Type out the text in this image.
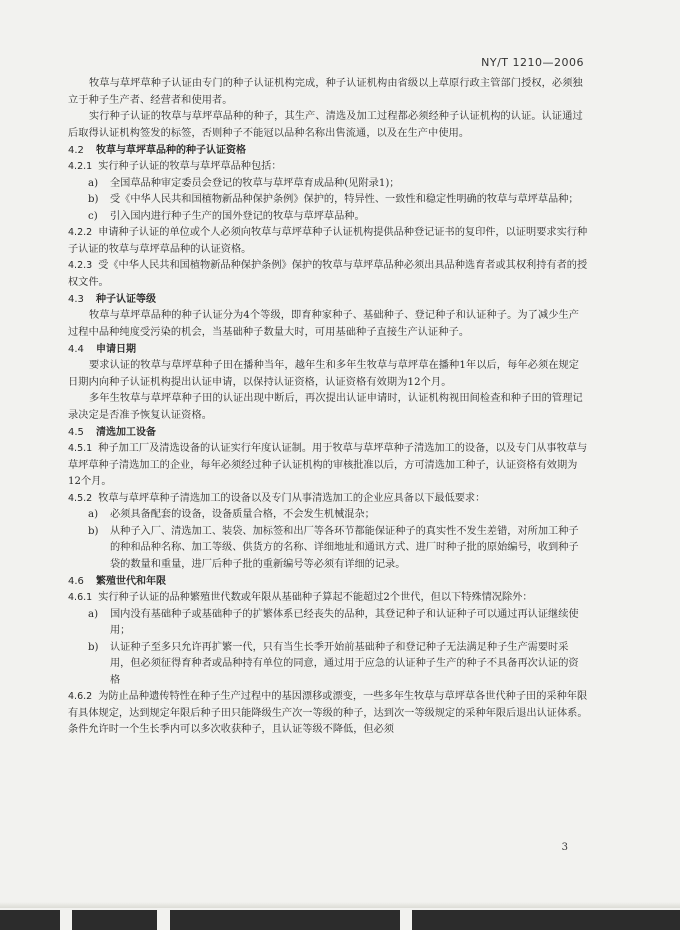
NY/T 1210—2006

牧草与草坪草种子认证由专门的种子认证机构完成，种子认证机构由省级以上草原行政主管部门授权，必须独立于种子生产者、经营者和使用者。

实行种子认证的牧草与草坪草品种的种子，其生产、清选及加工过程都必须经种子认证机构的认证。认证通过后取得认证机构签发的标签，否则种子不能冠以品种名称出售流通，以及在生产中使用。

4.2 牧草与草坪草品种的种子认证资格

4.2.1 实行种子认证的牧草与草坪草品种包括：

a) 全国草品种审定委员会登记的牧草与草坪草育成品种(见附录1)；

b) 受《中华人民共和国植物新品种保护条例》保护的，特异性、一致性和稳定性明确的牧草与草坪草品种；

c) 引入国内进行种子生产的国外登记的牧草与草坪草品种。

4.2.2 申请种子认证的单位或个人必须向牧草与草坪草种子认证机构提供品种登记证书的复印件，以证明要求实行种子认证的牧草与草坪草品种的认证资格。

4.2.3 受《中华人民共和国植物新品种保护条例》保护的牧草与草坪草品种必须出具品种选育者或其权利持有者的授权文件。

4.3 种子认证等级

牧草与草坪草品种的种子认证分为4个等级，即育种家种子、基础种子、登记种子和认证种子。为了减少生产过程中品种纯度受污染的机会，当基础种子数量大时，可用基础种子直接生产认证种子。

4.4 申请日期

要求认证的牧草与草坪草种子田在播种当年，越年生和多年生牧草与草坪草在播种1年以后，每年必须在规定日期内向种子认证机构提出认证申请，以保持认证资格，认证资格有效期为12个月。

多年生牧草与草坪草种子田的认证出现中断后，再次提出认证申请时，认证机构视田间检查和种子田的管理记录决定是否准予恢复认证资格。

4.5 清选加工设备

4.5.1 种子加工厂及清选设备的认证实行年度认证制。用于牧草与草坪草种子清选加工的设备，以及专门从事牧草与草坪草种子清选加工的企业，每年必须经过种子认证机构的审核批准以后，方可清选加工种子，认证资格有效期为12个月。

4.5.2 牧草与草坪草种子清选加工的设备以及专门从事清选加工的企业应具备以下最低要求：

a) 必须具备配套的设备，设备质量合格，不会发生机械混杂；

b) 从种子入厂、清选加工、装袋、加标签和出厂等各环节都能保证种子的真实性不发生差错，对所加工种子的种和品种名称、加工等级、供货方的名称、详细地址和通讯方式、进厂时种子批的原始编号，收到种子袋的数量和重量，进厂后种子批的重新编号等必须有详细的记录。

4.6 繁殖世代和年限

4.6.1 实行种子认证的品种繁殖世代数或年限从基础种子算起不能超过2个世代，但以下特殊情况除外：

a) 国内没有基础种子或基础种子的扩繁体系已经丧失的品种，其登记种子和认证种子可以通过再认证继续使用；

b) 认证种子至多只允许再扩繁一代，只有当生长季开始前基础种子和登记种子无法满足种子生产需要时采用，但必须征得育种者或品种持有单位的同意，通过用于应急的认证种子生产的种子不具备再次认证的资格

4.6.2 为防止品种遗传特性在种子生产过程中的基因漂移或漂变，一些多年生牧草与草坪草各世代种子田的采种年限有具体规定，达到规定年限后种子田只能降级生产次一等级的种子，达到次一等级规定的采种年限后退出认证体系。条件允许时一个生长季内可以多次收获种子，且认证等级不降低，但必须

3
